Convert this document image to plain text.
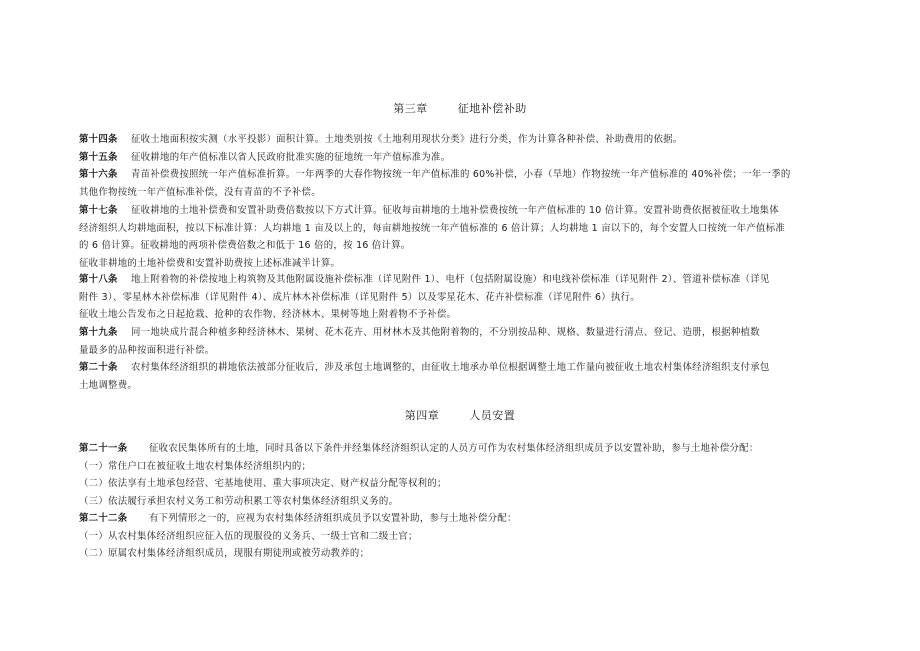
第三章	征地补偿补助
第十四条 征收土地面积按实测（水平投影）面积计算。土地类别按《土地利用现状分类》进行分类，作为计算各种补偿、补助费用的依据。
第十五条 征收耕地的年产值标准以省人民政府批准实施的征地统一年产值标准为准。
第十六条 青苗补偿费按照统一年产值标准折算。一年两季的大春作物按统一年产值标准的 60%补偿，小春（旱地）作物按统一年产值标准的 40%补偿；一年一季的
其他作物按统一年产值标准补偿，没有青苗的不予补偿。
第十七条 征收耕地的土地补偿费和安置补助费倍数按以下方式计算。征收每亩耕地的土地补偿费按统一年产值标准的 10 倍计算。安置补助费依据被征收土地集体
经济组织人均耕地面积，按以下标准计算：人均耕地 1 亩及以上的，每亩耕地按统一年产值标准的 6 倍计算；人均耕地 1 亩以下的，每个安置人口按统一年产值标准
的 6 倍计算。征收耕地的两项补偿费倍数之和低于 16 倍的，按 16 倍计算。
征收非耕地的土地补偿费和安置补助费按上述标准减半计算。
第十八条 地上附着物的补偿按地上构筑物及其他附属设施补偿标准（详见附件 1）、电杆（包括附属设施）和电线补偿标准（详见附件 2）、管道补偿标准（详见
附件 3）、零星林木补偿标准（详见附件 4）、成片林木补偿标准（详见附件 5）以及零星花木、花卉补偿标准（详见附件 6）执行。
征收土地公告发布之日起抢栽、抢种的农作物、经济林木、果树等地上附着物不予补偿。
第十九条 同一地块成片混合种植多种经济林木、果树、花木花卉、用材林木及其他附着物的，不分别按品种、规格、数量进行清点、登记、造册，根据种植数
量最多的品种按面积进行补偿。
第二十条 农村集体经济组织的耕地依法被部分征收后，涉及承包土地调整的，由征收土地承办单位根据调整土地工作量向被征收土地农村集体经济组织支付承包
土地调整费。
第四章	人员安置
第二十一条 征收农民集体所有的土地，同时具备以下条件并经集体经济组织认定的人员方可作为农村集体经济组织成员予以安置补助，参与土地补偿分配：
（一）常住户口在被征收土地农村集体经济组织内的；
（二）依法享有土地承包经营、宅基地使用、重大事项决定、财产权益分配等权利的；
（三）依法履行承担农村义务工和劳动积累工等农村集体经济组织义务的。
第二十二条 有下列情形之一的，应视为农村集体经济组织成员予以安置补助，参与土地补偿分配：
（一）从农村集体经济组织应征入伍的现服役的义务兵、一级士官和二级士官；
（二）原属农村集体经济组织成员，现服有期徒刑或被劳动教养的；
